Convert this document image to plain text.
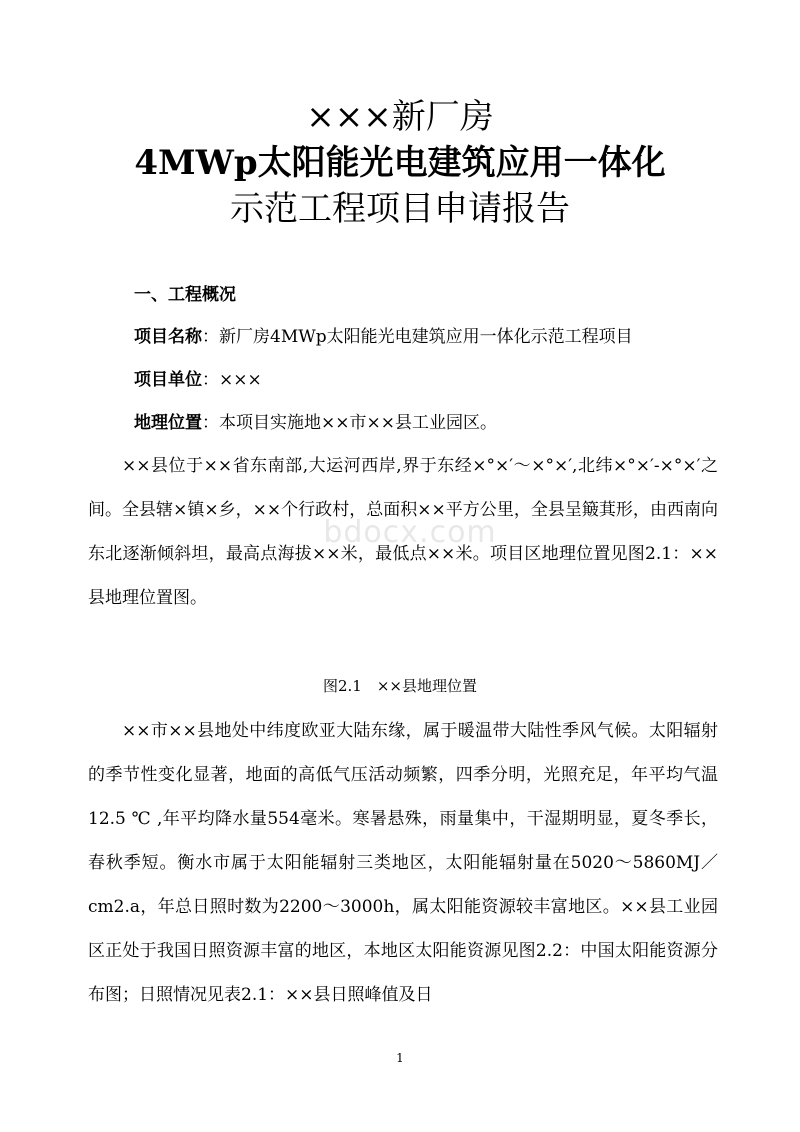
×××新厂房
4MWp太阳能光电建筑应用一体化
示范工程项目申请报告
一、工程概况
项目名称：新厂房4MWp太阳能光电建筑应用一体化示范工程项目
项目单位：×××
地理位置：本项目实施地××市××县工业园区。
××县位于××省东南部,大运河西岸,界于东经×°×′～×°×′,北纬×°×′-×°×′之间。全县辖×镇×乡，××个行政村，总面积××平方公里，全县呈簸萁形，由西南向东北逐渐倾斜坦，最高点海拔××米，最低点××米。项目区地理位置见图2.1：××县地理位置图。
bdocx.com
图2.1　××县地理位置
××市××县地处中纬度欧亚大陆东缘，属于暖温带大陆性季风气候。太阳辐射的季节性变化显著，地面的高低气压活动频繁，四季分明，光照充足，年平均气温12.5 ℃ ,年平均降水量554毫米。寒暑悬殊，雨量集中，干湿期明显，夏冬季长，春秋季短。衡水市属于太阳能辐射三类地区，太阳能辐射量在5020～5860MJ／cm2.a，年总日照时数为2200～3000h，属太阳能资源较丰富地区。××县工业园区正处于我国日照资源丰富的地区，本地区太阳能资源见图2.2：中国太阳能资源分布图；日照情况见表2.1：××县日照峰值及日
1
